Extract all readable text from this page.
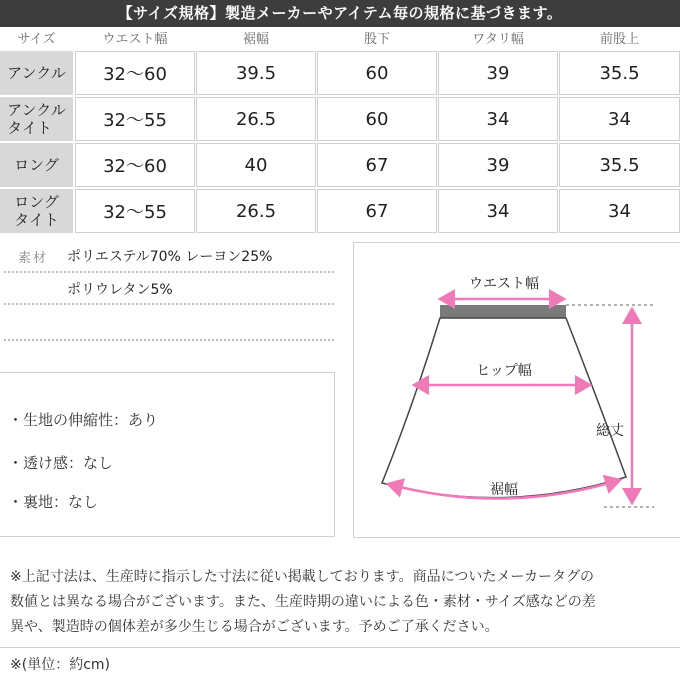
【サイズ規格】製造メーカーやアイテム毎の規格に基づきます。
サイズ	ウエスト幅	裾幅	股下	ワタリ幅	前股上
アンクル	32～60	39.5	60	39	35.5
アンクル
タイト	32～55	26.5	60	34	34
ロング	32～60	40	67	39	35.5
ロング
タイト	32～55	26.5	67	34	34
素材 ポリエステル70% レーヨン25%
ポリウレタン5%
・生地の伸縮性：あり
・透け感：なし
・裏地：なし
ウエスト幅
ヒップ幅
裾幅
総丈
※上記寸法は、生産時に指示した寸法に従い掲載しております。商品についたメーカータグの
数値とは異なる場合がございます。また、生産時期の違いによる色・素材・サイズ感などの差
異や、製造時の個体差が多少生じる場合がございます。予めご了承ください。
※(単位：約cm)
